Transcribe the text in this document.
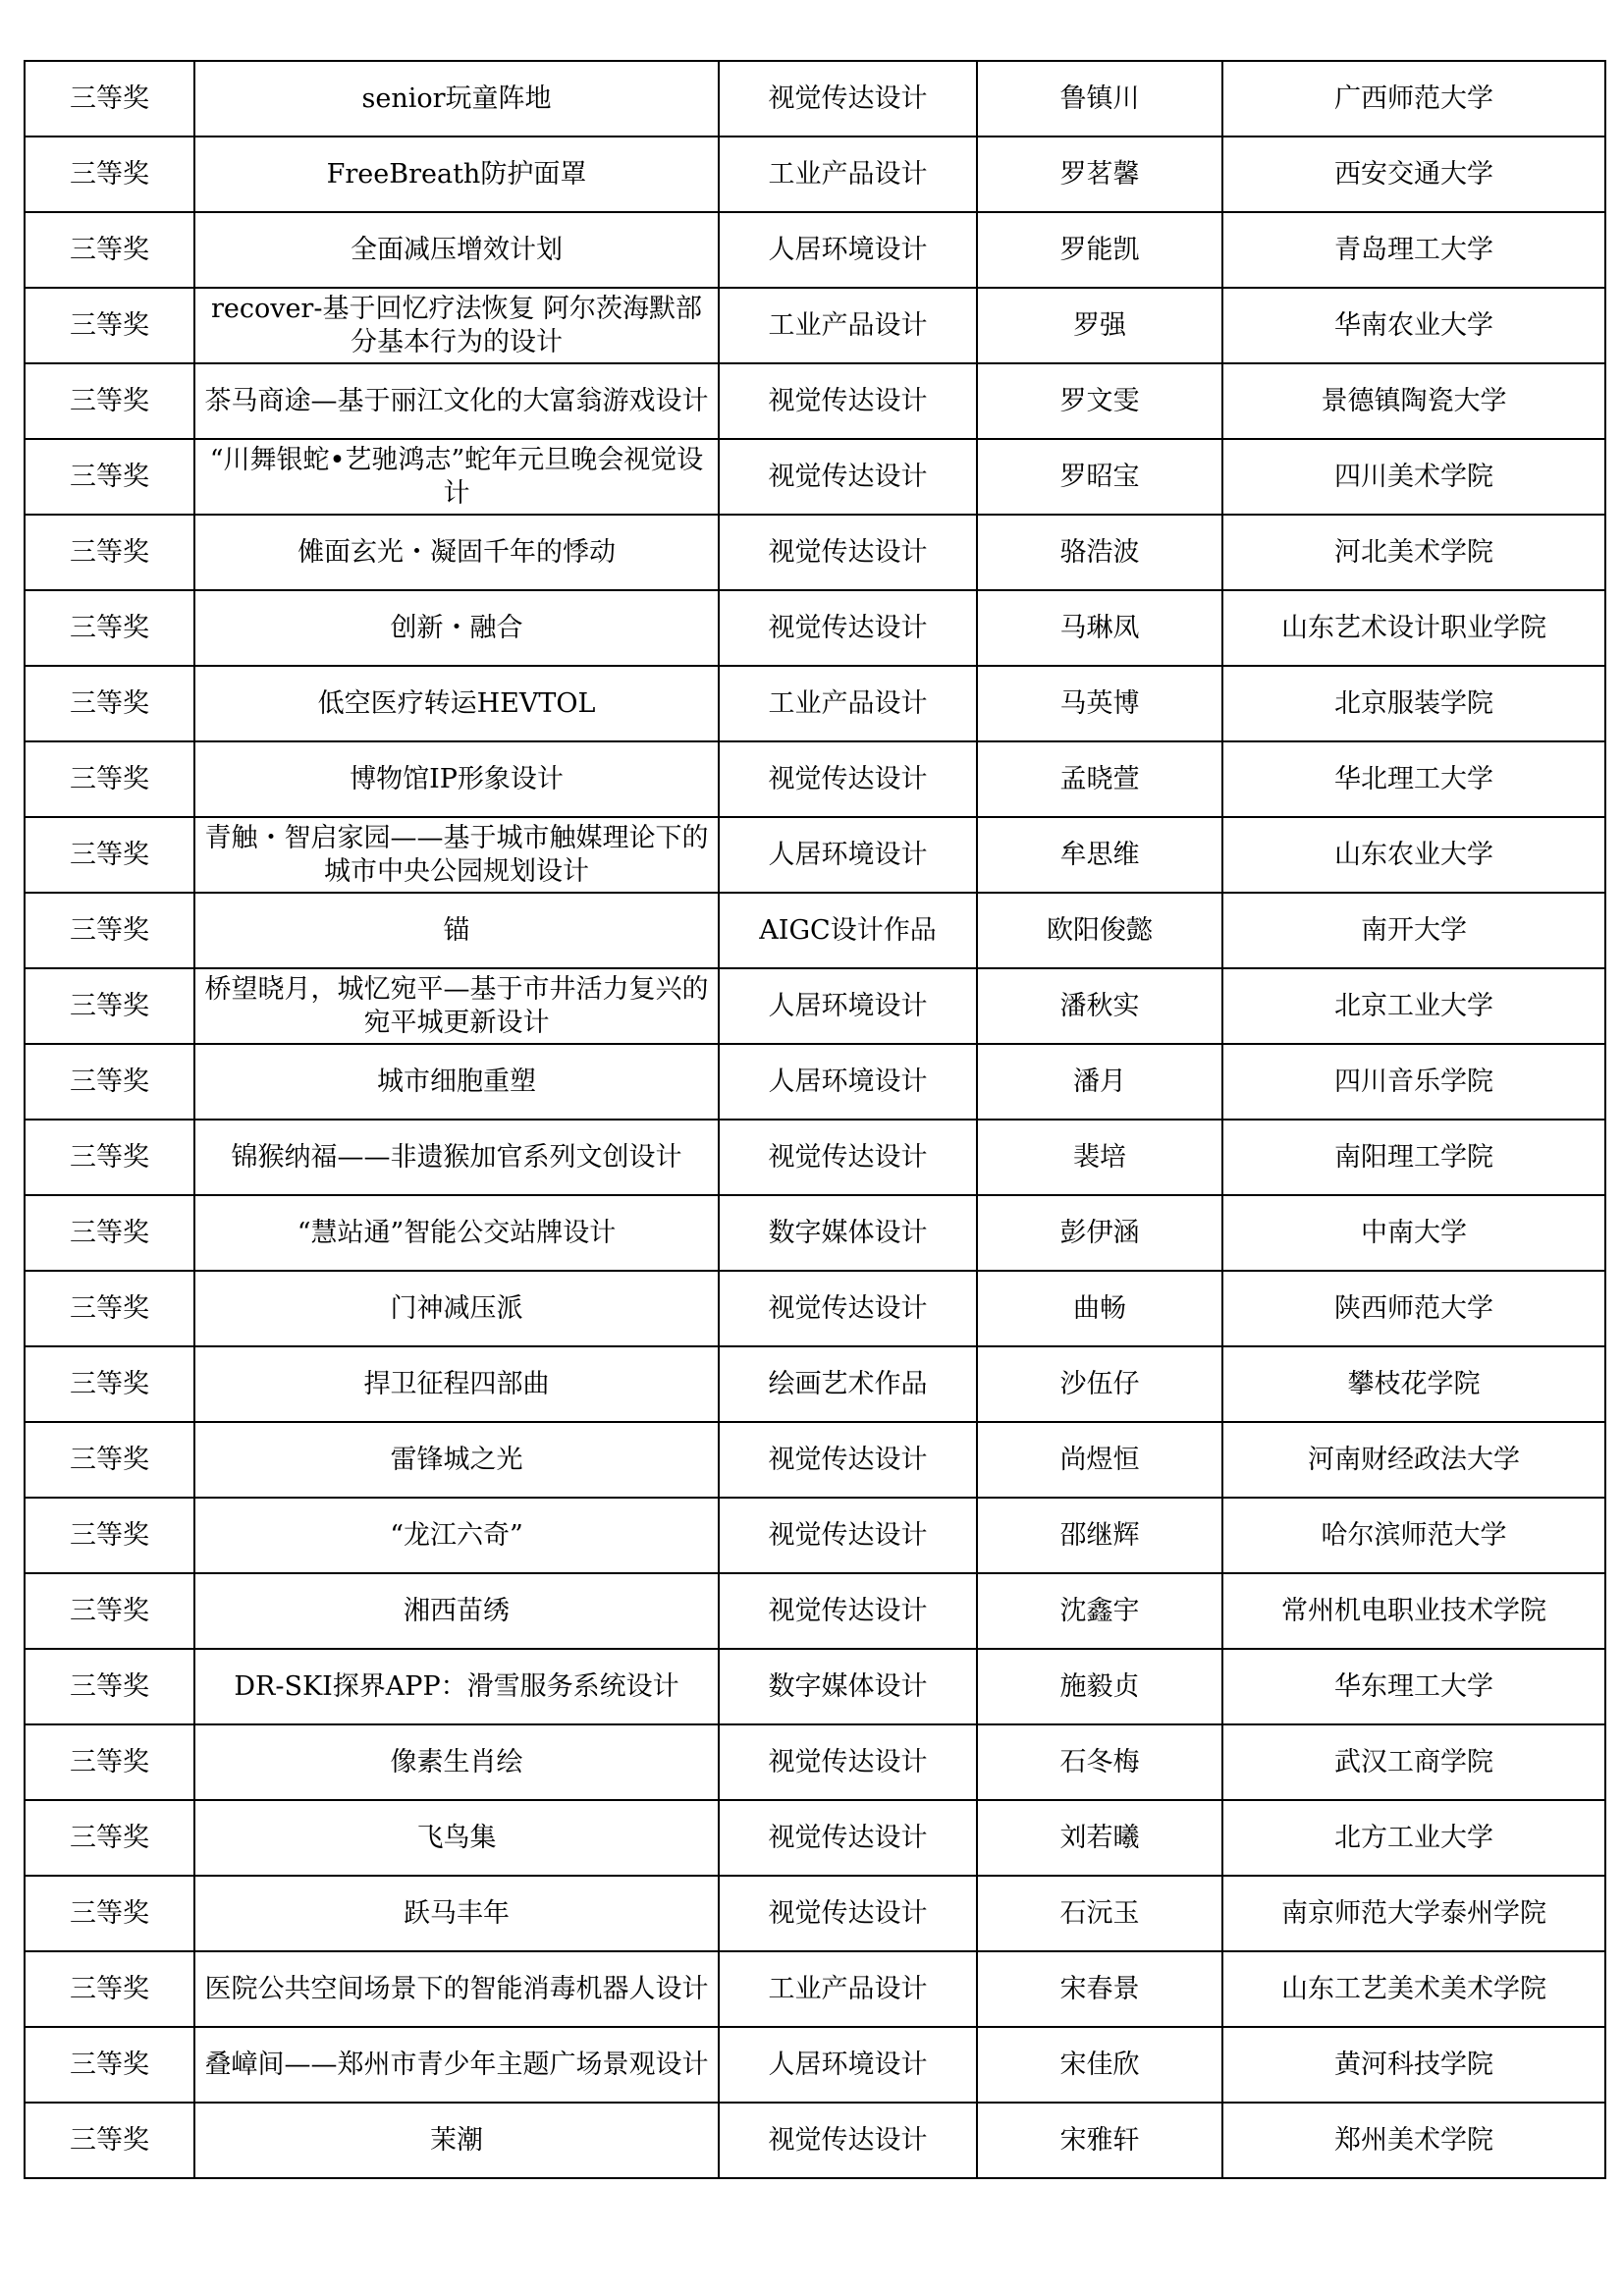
三等奖	senior玩童阵地	视觉传达设计	鲁镇川	广西师范大学
三等奖	FreeBreath防护面罩	工业产品设计	罗茗馨	西安交通大学
三等奖	全面减压增效计划	人居环境设计	罗能凯	青岛理工大学
三等奖	recover-基于回忆疗法恢复 阿尔茨海默部分基本行为的设计	工业产品设计	罗强	华南农业大学
三等奖	茶马商途—基于丽江文化的大富翁游戏设计	视觉传达设计	罗文雯	景德镇陶瓷大学
三等奖	“川舞银蛇•艺驰鸿志”蛇年元旦晚会视觉设计	视觉传达设计	罗昭宝	四川美术学院
三等奖	傩面玄光・凝固千年的悸动	视觉传达设计	骆浩波	河北美术学院
三等奖	创新・融合	视觉传达设计	马琳凤	山东艺术设计职业学院
三等奖	低空医疗转运HEVTOL	工业产品设计	马英博	北京服装学院
三等奖	博物馆IP形象设计	视觉传达设计	孟晓萱	华北理工大学
三等奖	青触・智启家园——基于城市触媒理论下的城市中央公园规划设计	人居环境设计	牟思维	山东农业大学
三等奖	锚	AIGC设计作品	欧阳俊懿	南开大学
三等奖	桥望晓月，城忆宛平—基于市井活力复兴的宛平城更新设计	人居环境设计	潘秋实	北京工业大学
三等奖	城市细胞重塑	人居环境设计	潘月	四川音乐学院
三等奖	锦猴纳福——非遗猴加官系列文创设计	视觉传达设计	裴培	南阳理工学院
三等奖	“慧站通”智能公交站牌设计	数字媒体设计	彭伊涵	中南大学
三等奖	门神减压派	视觉传达设计	曲畅	陕西师范大学
三等奖	捍卫征程四部曲	绘画艺术作品	沙伍仔	攀枝花学院
三等奖	雷锋城之光	视觉传达设计	尚煜恒	河南财经政法大学
三等奖	“龙江六奇”	视觉传达设计	邵继辉	哈尔滨师范大学
三等奖	湘西苗绣	视觉传达设计	沈鑫宇	常州机电职业技术学院
三等奖	DR-SKI探界APP：滑雪服务系统设计	数字媒体设计	施毅贞	华东理工大学
三等奖	像素生肖绘	视觉传达设计	石冬梅	武汉工商学院
三等奖	飞鸟集	视觉传达设计	刘若曦	北方工业大学
三等奖	跃马丰年	视觉传达设计	石沅玉	南京师范大学泰州学院
三等奖	医院公共空间场景下的智能消毒机器人设计	工业产品设计	宋春景	山东工艺美术美术学院
三等奖	叠嶂间——郑州市青少年主题广场景观设计	人居环境设计	宋佳欣	黄河科技学院
三等奖	茉潮	视觉传达设计	宋雅轩	郑州美术学院
